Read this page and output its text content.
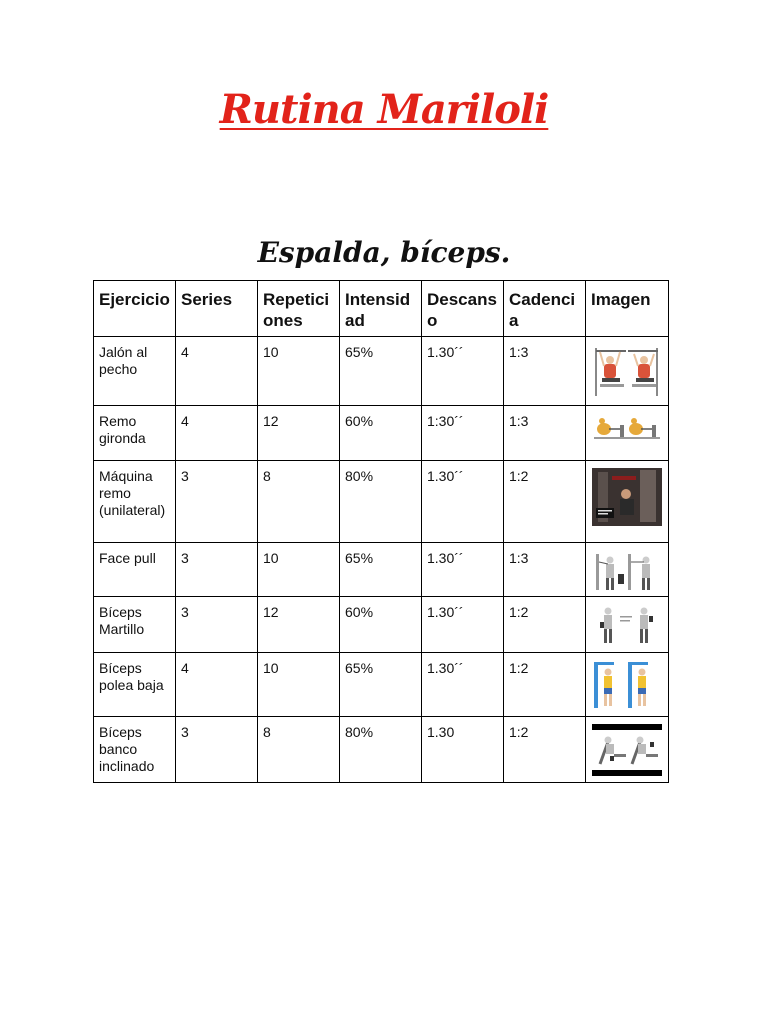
Rutina Mariloli
Espalda, bíceps.
Ejercicio	Series	Repeticiones	Intensidad	Descanso	Cadencia	Imagen
Jalón al pecho	4	10	65%	1.30´´	1:3	

Remo gironda	4	12	60%	1:30´´	1:3	

Máquina remo (unilateral)	3	8	80%	1.30´´	1:2	

Face pull	3	10	65%	1.30´´	1:3	

Bíceps Martillo	3	12	60%	1.30´´	1:2	

Bíceps polea baja	4	10	65%	1.30´´	1:2	

Bíceps banco inclinado	3	8	80%	1.30	1:2	
